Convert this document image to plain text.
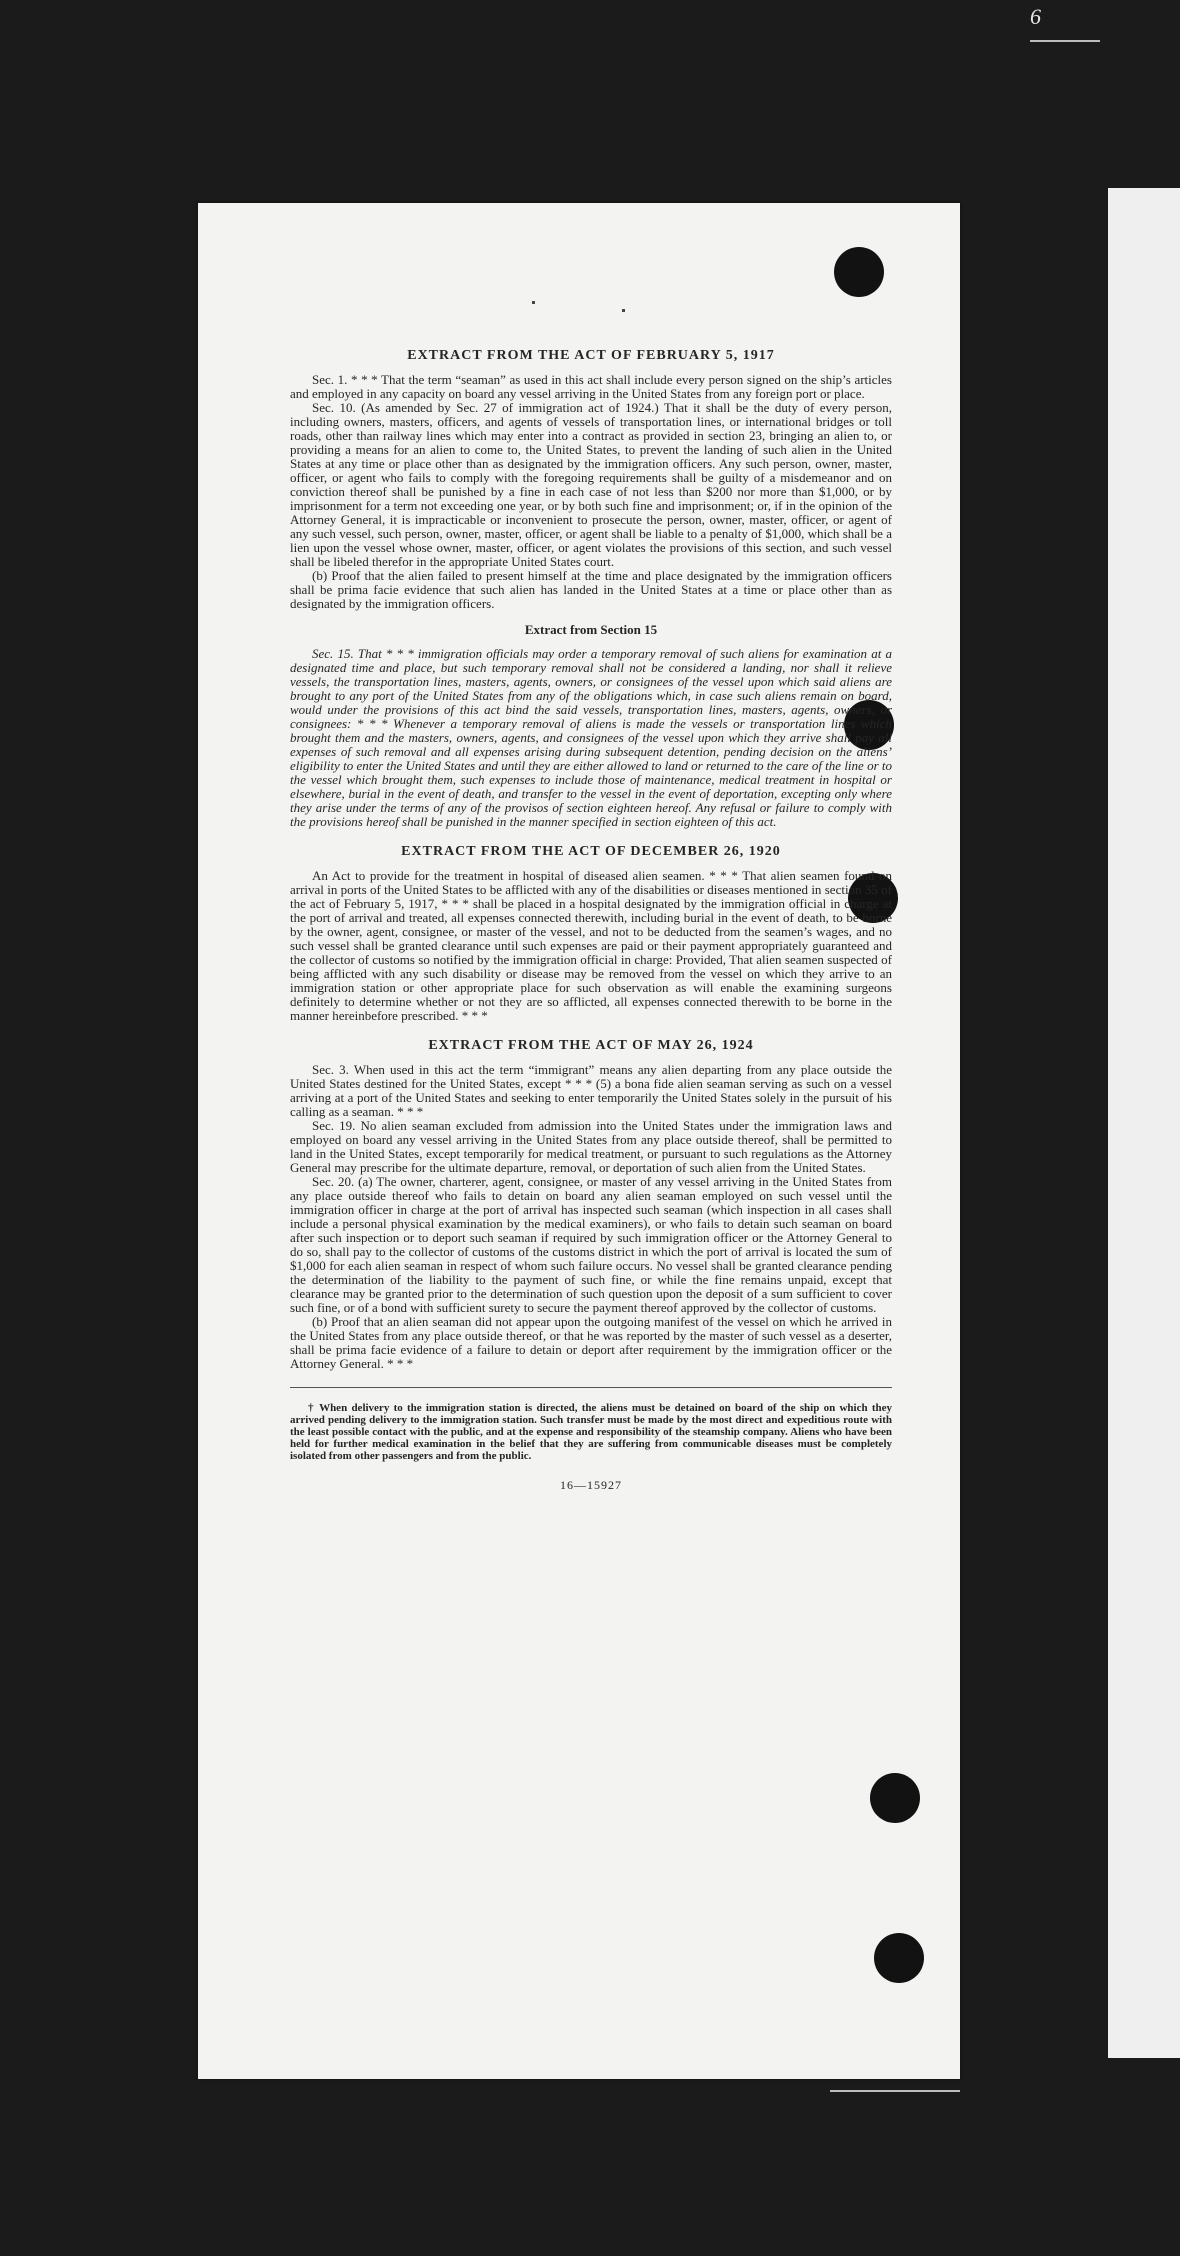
6
EXTRACT FROM THE ACT OF FEBRUARY 5, 1917

Sec. 1. * * * That the term “seaman” as used in this act shall include every person signed on the ship’s articles and employed in any capacity on board any vessel arriving in the United States from any foreign port or place.

Sec. 10. (As amended by Sec. 27 of immigration act of 1924.) That it shall be the duty of every person, including owners, masters, officers, and agents of vessels of transportation lines, or international bridges or toll roads, other than railway lines which may enter into a contract as provided in section 23, bringing an alien to, or providing a means for an alien to come to, the United States, to prevent the landing of such alien in the United States at any time or place other than as designated by the immigration officers. Any such person, owner, master, officer, or agent who fails to comply with the foregoing requirements shall be guilty of a misdemeanor and on conviction thereof shall be punished by a fine in each case of not less than $200 nor more than $1,000, or by imprisonment for a term not exceeding one year, or by both such fine and imprisonment; or, if in the opinion of the Attorney General, it is impracticable or inconvenient to prosecute the person, owner, master, officer, or agent of any such vessel, such person, owner, master, officer, or agent shall be liable to a penalty of $1,000, which shall be a lien upon the vessel whose owner, master, officer, or agent violates the provisions of this section, and such vessel shall be libeled therefor in the appropriate United States court.

(b) Proof that the alien failed to present himself at the time and place designated by the immigration officers shall be prima facie evidence that such alien has landed in the United States at a time or place other than as designated by the immigration officers.

Extract from Section 15

Sec. 15. That * * * immigration officials may order a temporary removal of such aliens for examination at a designated time and place, but such temporary removal shall not be considered a landing, nor shall it relieve vessels, the transportation lines, masters, agents, owners, or consignees of the vessel upon which said aliens are brought to any port of the United States from any of the obligations which, in case such aliens remain on board, would under the provisions of this act bind the said vessels, transportation lines, masters, agents, owners, or consignees: * * * Whenever a temporary removal of aliens is made the vessels or transportation lines which brought them and the masters, owners, agents, and consignees of the vessel upon which they arrive shall pay all expenses of such removal and all expenses arising during subsequent detention, pending decision on the aliens’ eligibility to enter the United States and until they are either allowed to land or returned to the care of the line or to the vessel which brought them, such expenses to include those of maintenance, medical treatment in hospital or elsewhere, burial in the event of death, and transfer to the vessel in the event of deportation, excepting only where they arise under the terms of any of the provisos of section eighteen hereof. Any refusal or failure to comply with the provisions hereof shall be punished in the manner specified in section eighteen of this act.

EXTRACT FROM THE ACT OF DECEMBER 26, 1920

An Act to provide for the treatment in hospital of diseased alien seamen. * * * That alien seamen found on arrival in ports of the United States to be afflicted with any of the disabilities or diseases mentioned in section 35 of the act of February 5, 1917, * * * shall be placed in a hospital designated by the immigration official in charge at the port of arrival and treated, all expenses connected therewith, including burial in the event of death, to be borne by the owner, agent, consignee, or master of the vessel, and not to be deducted from the seamen’s wages, and no such vessel shall be granted clearance until such expenses are paid or their payment appropriately guaranteed and the collector of customs so notified by the immigration official in charge: Provided, That alien seamen suspected of being afflicted with any such disability or disease may be removed from the vessel on which they arrive to an immigration station or other appropriate place for such observation as will enable the examining surgeons definitely to determine whether or not they are so afflicted, all expenses connected therewith to be borne in the manner hereinbefore prescribed. * * *

EXTRACT FROM THE ACT OF MAY 26, 1924

Sec. 3. When used in this act the term “immigrant” means any alien departing from any place outside the United States destined for the United States, except * * * (5) a bona fide alien seaman serving as such on a vessel arriving at a port of the United States and seeking to enter temporarily the United States solely in the pursuit of his calling as a seaman. * * *

Sec. 19. No alien seaman excluded from admission into the United States under the immigration laws and employed on board any vessel arriving in the United States from any place outside thereof, shall be permitted to land in the United States, except temporarily for medical treatment, or pursuant to such regulations as the Attorney General may prescribe for the ultimate departure, removal, or deportation of such alien from the United States.

Sec. 20. (a) The owner, charterer, agent, consignee, or master of any vessel arriving in the United States from any place outside thereof who fails to detain on board any alien seaman employed on such vessel until the immigration officer in charge at the port of arrival has inspected such seaman (which inspection in all cases shall include a personal physical examination by the medical examiners), or who fails to detain such seaman on board after such inspection or to deport such seaman if required by such immigration officer or the Attorney General to do so, shall pay to the collector of customs of the customs district in which the port of arrival is located the sum of $1,000 for each alien seaman in respect of whom such failure occurs. No vessel shall be granted clearance pending the determination of the liability to the payment of such fine, or while the fine remains unpaid, except that clearance may be granted prior to the determination of such question upon the deposit of a sum sufficient to cover such fine, or of a bond with sufficient surety to secure the payment thereof approved by the collector of customs.

(b) Proof that an alien seaman did not appear upon the outgoing manifest of the vessel on which he arrived in the United States from any place outside thereof, or that he was reported by the master of such vessel as a deserter, shall be prima facie evidence of a failure to detain or deport after requirement by the immigration officer or the Attorney General. * * *

† When delivery to the immigration station is directed, the aliens must be detained on board of the ship on which they arrived pending delivery to the immigration station. Such transfer must be made by the most direct and expeditious route with the least possible contact with the public, and at the expense and responsibility of the steamship company. Aliens who have been held for further medical examination in the belief that they are suffering from communicable diseases must be completely isolated from other passengers and from the public.

16—15927
